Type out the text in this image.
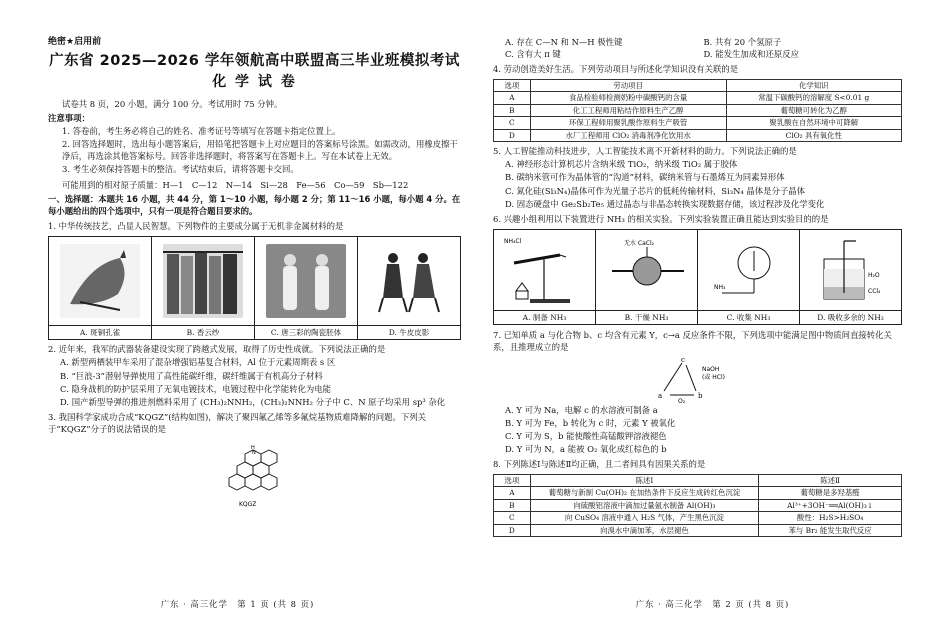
绝密★启用前
广东省 2025—2026 学年领航高中联盟高三毕业班模拟考试
化 学 试 卷
试卷共 8 页，20 小题，满分 100 分。考试用时 75 分钟。
注意事项：
1. 答卷前，考生务必将自己的姓名、准考证号等填写在答题卡指定位置上。
2. 回答选择题时，选出每小题答案后，用铅笔把答题卡上对应题目的答案标号涂黑。如需改动，用橡皮擦干净后，再选涂其他答案标号。回答非选择题时，将答案写在答题卡上。写在本试卷上无效。
3. 考生必须保持答题卡的整洁。考试结束后，请将答题卡交回。
可能用到的相对原子质量：H—1　C—12　N—14　Si—28　Fe—56　Co—59　Sb—122
一、选择题：本题共 16 小题，共 44 分，第 1～10 小题，每小题 2 分；第 11～16 小题，每小题 4 分。在每小题给出的四个选项中，只有一项是符合题目要求的。
1. 中华传统技艺，凸显人民智慧。下列物件的主要成分属于无机非金属材料的是
A. 斑铜孔雀	B. 香云纱	C. 唐三彩的陶瓷胚体	D. 牛皮皮影
2. 近年来，我军的武器装备建设实现了跨越式发展，取得了历史性成就。下列说法正确的是
A. 新型两栖装甲车采用了混杂增强铝基复合材料，Al 位于元素周期表 s 区
B. “巨浪-3”潜射导弹使用了高性能碳纤维，碳纤维属于有机高分子材料
C. 隐身战机的防护层采用了无氧电镀技术，电镀过程中化学能转化为电能
D. 国产新型导弹的推进剂燃料采用了 (CH₃)₂NNH₂，(CH₃)₂NNH₂ 分子中 C、N 原子均采用 sp³ 杂化
3. 我国科学家成功合成“KQGZ”(结构如图)，解决了聚四氟乙烯等多氟烷基物质难降解的问题。下列关于“KQGZ”分子的说法错误的是
H
N
KQGZ
广东 · 高三化学　第 1 页 (共 8 页)
A. 存在 C—N 和 N—H 极性键	B. 共有 20 个氢原子
C. 含有大 π 键	D. 能发生加成和还原反应
4. 劳动创造美好生活。下列劳动项目与所述化学知识没有关联的是
选项	劳动项目	化学知识
A	食品检验师检测奶粉中碳酸钙的含量	常温下碳酸钙的溶解度 S<0.01 g
B	化工工程师用粘结作原料生产乙醇	葡萄糖可转化为乙醇
C	环保工程师用聚乳酸作原料生产吸管	聚乳酸在自然环境中可降解
D	水厂工程师用 ClO₂ 消毒剂净化饮用水	ClO₂ 具有氧化性
5. 人工智能推动科技进步，人工智能技术离不开新材料的助力。下列说法正确的是
A. 神经形态计算机芯片含纳米级 TiO₂，纳米级 TiO₂ 属于胶体
B. 碳纳米管可作为晶体管的“沟道”材料，碳纳米管与石墨烯互为同素异形体
C. 氮化硅(Si₃N₄)晶体可作为光量子芯片的低耗传输材料，Si₃N₄ 晶体是分子晶体
D. 固态硬盘中 Ge₂Sb₂Te₅ 通过晶态与非晶态转换实现数据存储，该过程涉及化学变化
6. 兴趣小组利用以下装置进行 NH₃ 的相关实验。下列实验装置正确且能达到实验目的的是
NH₄Cl
A. 制备 NH₃
无水 CaCl₂
B. 干燥 NH₃
NH₃
C. 收集 NH₃
H₂O
CCl₄
D. 吸收多余的 NH₃
7. 已知单质 a 与化合物 b、c 均含有元素 Y，c→a 反应条件不限，下列选项中能满足图中物质间直接转化关系，且推理成立的是
c
a	b
NaOH
(或 HCl)
O₂
A. Y 可为 Na，电解 c 的水溶液可制备 a
B. Y 可为 Fe，b 转化为 c 时，元素 Y 被氧化
C. Y 可为 S，b 能使酸性高锰酸钾溶液褪色
D. Y 可为 N，a 能被 O₂ 氧化成红棕色的 b
8. 下列陈述Ⅰ与陈述Ⅱ均正确，且二者间具有因果关系的是
选项	陈述Ⅰ	陈述Ⅱ
A	葡萄糖与新制 Cu(OH)₂ 在加热条件下反应生成砖红色沉淀	葡萄糖是多羟基醛
B	向硫酸铝溶液中滴加过量氨水制备 Al(OH)₃	Al³⁺+3OH⁻══Al(OH)₃↓
C	向 CuSO₄ 溶液中通入 H₂S 气体，产生黑色沉淀	酸性：H₂S>H₂SO₄
D	向溴水中滴加苯，水层褪色	苯与 Br₂ 能发生取代反应
广东 · 高三化学　第 2 页 (共 8 页)
